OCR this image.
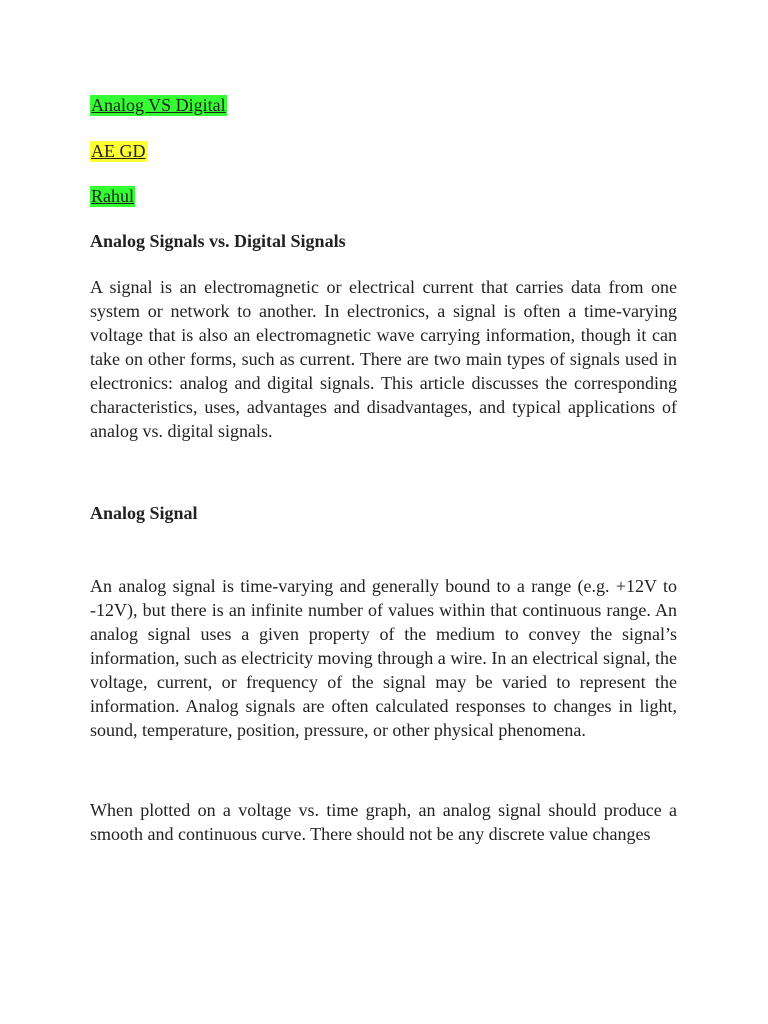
Analog VS Digital
AE GD
Rahul
Analog Signals vs. Digital Signals
A signal is an electromagnetic or electrical current that carries data from one system or network to another. In electronics, a signal is often a time-varying voltage that is also an electromagnetic wave carrying information, though it can take on other forms, such as current. There are two main types of signals used in electronics: analog and digital signals. This article discusses the corresponding characteristics, uses, advantages and disadvantages, and typical applications of analog vs. digital signals.
Analog Signal
An analog signal is time-varying and generally bound to a range (e.g. +12V to -12V), but there is an infinite number of values within that continuous range. An analog signal uses a given property of the medium to convey the signal’s information, such as electricity moving through a wire. In an electrical signal, the voltage, current, or frequency of the signal may be varied to represent the information. Analog signals are often calculated responses to changes in light, sound, temperature, position, pressure, or other physical phenomena.
When plotted on a voltage vs. time graph, an analog signal should produce a smooth and continuous curve. There should not be any discrete value changes
